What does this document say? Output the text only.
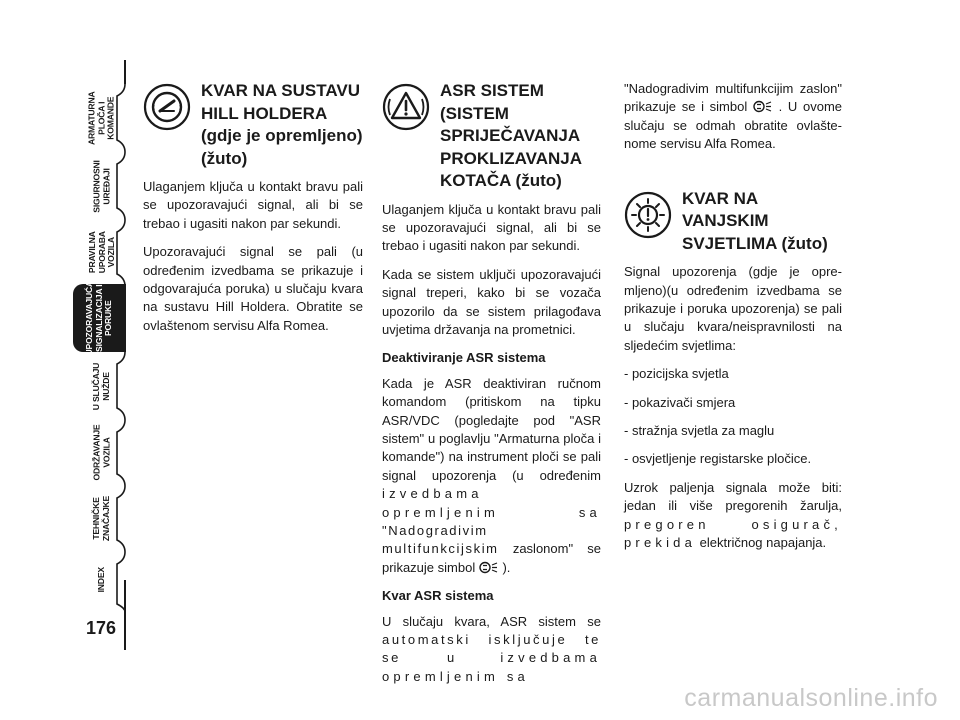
ARMATURNA
PLOČA I
KOMANDE
SIGURNOSNI
UREĐAJI
PRAVILNA
UPORABA
VOZILA
UPOZORAVAJUĆA
SIGNALIZACIJA I
PORUKE
U SLUČAJU
NUŽDE
ODRŽAVANJE
VOZILA
TEHNIČKE
ZNAČAJKE
INDEX
176
KVAR NA SUSTAVU HILL HOLDERA (gdje je opremljeno) (žuto)

Ulaganjem ključa u kontakt bravu pali se upozoravajući signal, ali bi se trebao i ugasiti nakon par sekundi.

Upozoravajući signal se pali (u određenim izvedbama se prikazuje i odgovarajuća poruka) u slučaju kvara na sustavu Hill Holdera. Obratite se ovlaštenom servisu Alfa Romea.

ASR SISTEM (SISTEM SPRIJEČAVANJA PROKLIZAVANJA KOTAČA (žuto)

Ulaganjem ključa u kontakt bravu pali se upozoravajući signal, ali bi se trebao i ugasiti nakon par sekundi.

Kada se sistem uključi upozoravajući signal treperi, kako bi se vozača upozorilo da se sistem prilagođava uvjetima državanja na prometnici.

Deaktiviranje ASR sistema

Kada je ASR deaktiviran ručnom komandom (pritiskom na tipku ASR/VDC (pogledajte pod "ASR sistem" u poglavlju "Armaturna ploča i komande") na instrument ploči se pali signal upozorenja (u određenim izvedbama opremljenim sa "Nadogradivim multifunkcijskim zaslonom" se prikazuje simbol ).

Kvar ASR sistema

U slučaju kvara, ASR sistem se automatski isključuje te se u	izvedbama opremljenim sa

"Nadogradivim multifunkcijim zaslon" prikazuje se i simbol . U ovome slučaju se odmah obratite ovlašte-nome servisu Alfa Romea.

KVAR NA VANJSKIM SVJETLIMA (žuto)

Signal upozorenja (gdje je opre-mljeno)(u određenim izvedbama se prikazuje i poruka upozorenja) se pali u slučaju kvara/neispravnilosti na sljedećim svjetlima:

- pozicijska svjetla

- pokazivači smjera

- stražnja svjetla za maglu

- osvjetljenje registarske pločice.

Uzrok paljenja signala može biti: jedan ili više pregorenih žarulja, pregoren osigurač, prekida električnog napajanja.

carmanualsonline.info
